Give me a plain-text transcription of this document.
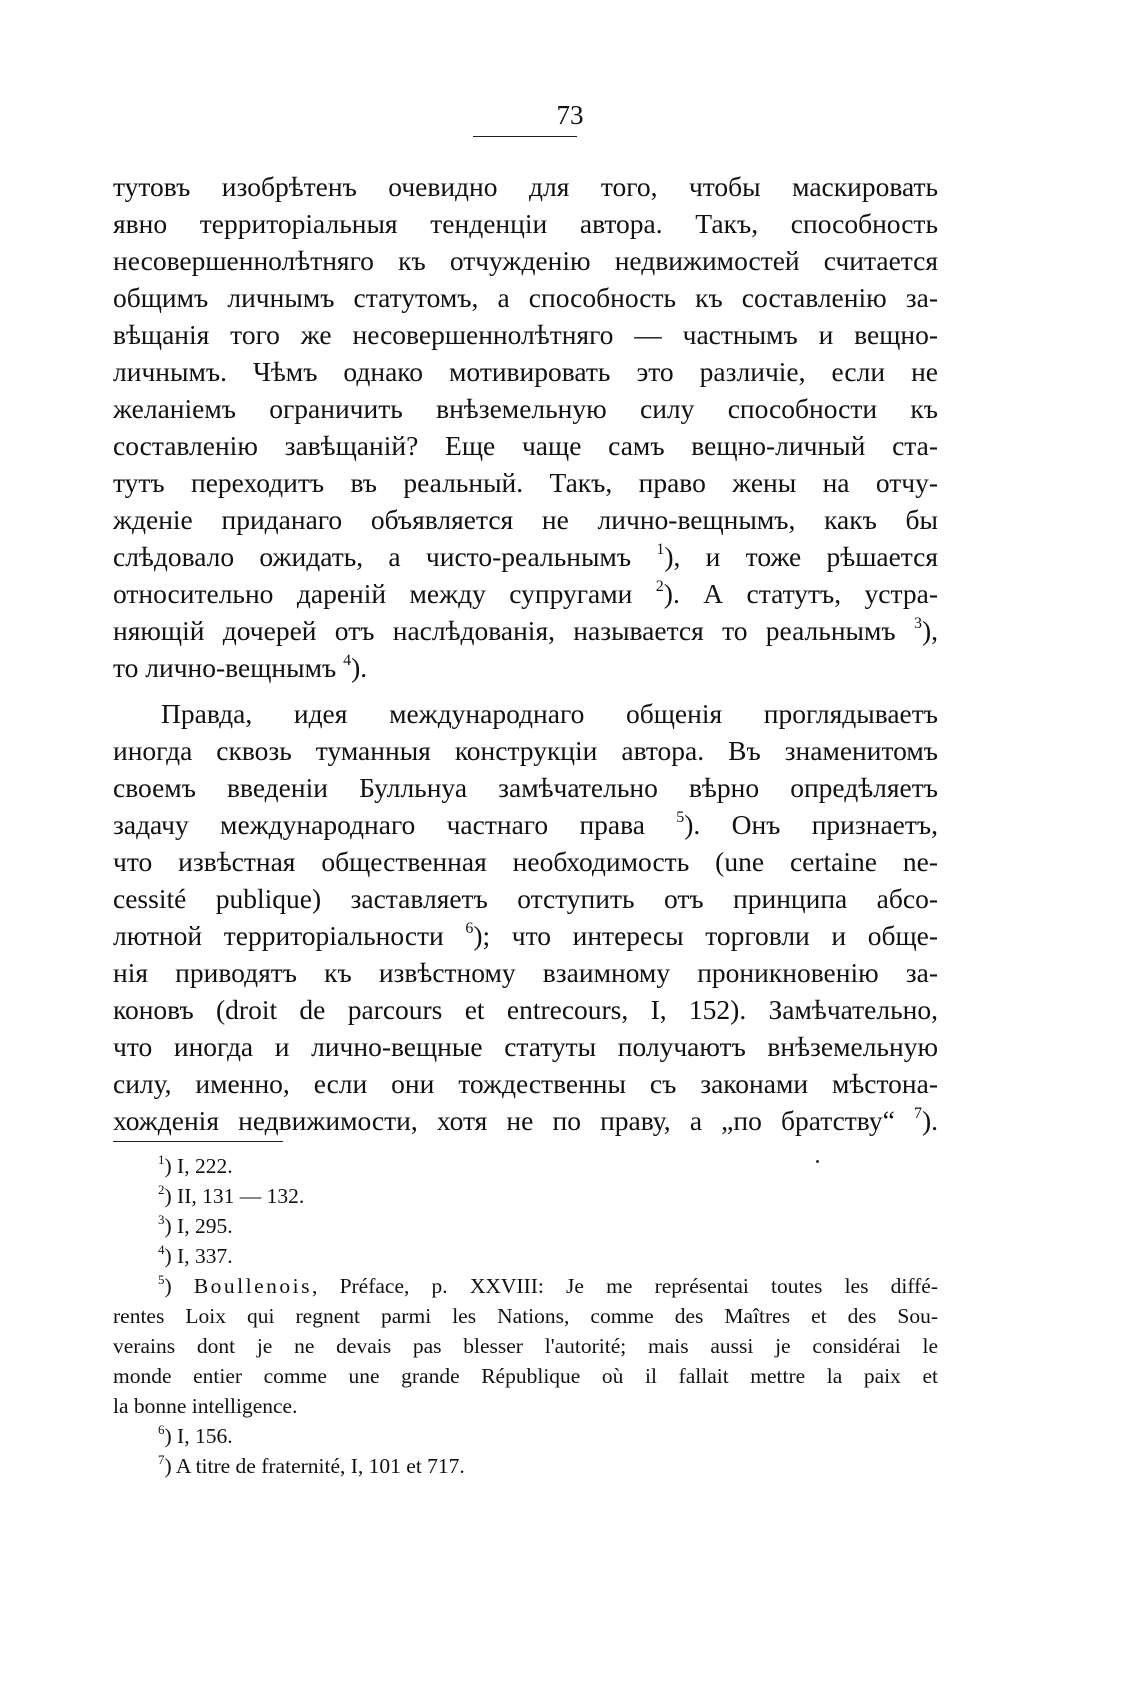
73
тутовъ изобрѣтенъ очевидно для того, чтобы маскировать
явно территоріальныя тенденціи автора. Такъ, способность
несовершеннолѣтняго къ отчужденію недвижимостей считается
общимъ личнымъ статутомъ, а способность къ составленію за-
вѣщанія того же несовершеннолѣтняго — частнымъ и вещно-
личнымъ. Чѣмъ однако мотивировать это различіе, если не
желаніемъ ограничить внѣземельную силу способности къ
составленію завѣщаній? Еще чаще самъ вещно-личный ста-
тутъ переходитъ въ реальный. Такъ, право жены на отчу-
жденіе приданаго объявляется не лично-вещнымъ, какъ бы
слѣдовало ожидать, а чисто-реальнымъ $^1$), и тоже рѣшается
относительно дареній между супругами $^2$). А статутъ, устра-
няющій дочерей отъ наслѣдованія, называется то реальнымъ $^3$),
то лично-вещнымъ $^4$).
Правда, идея международнаго общенія проглядываетъ
иногда сквозь туманныя конструкціи автора. Въ знаменитомъ
своемъ введеніи Булльнуа замѣчательно вѣрно опредѣляетъ
задачу международнаго частнаго права $^5$). Онъ признаетъ,
что извѣстная общественная необходимость (une certaine ne-
cessité publique) заставляетъ отступить отъ принципа абсо-
лютной территоріальности $^6$); что интересы торговли и обще-
нія приводятъ къ извѣстному взаимному проникновенію за-
коновъ (droit de parcours et entrecours, I, 152). Замѣчательно,
что иногда и лично-вещные статуты получаютъ внѣземельную
силу, именно, если они тождественны съ законами мѣстона-
хожденія недвижимости, хотя не по праву, а „по братству“ $^7$).
$^1$) I, 222.
$^2$) II, 131 — 132.
$^3$) I, 295.
$^4$) I, 337.
$^5$) Boullenois, Préface, p. XXVIII: Je me représentai toutes les diffé-
rentes Loix qui regnent parmi les Nations, comme des Maîtres et des Sou-
verains dont je ne devais pas blesser l'autorité; mais aussi je considérai le
monde entier comme une grande République où il fallait mettre la paix et
la bonne intelligence.
$^6$) I, 156.
$^7$) A titre de fraternité, I, 101 et 717.
